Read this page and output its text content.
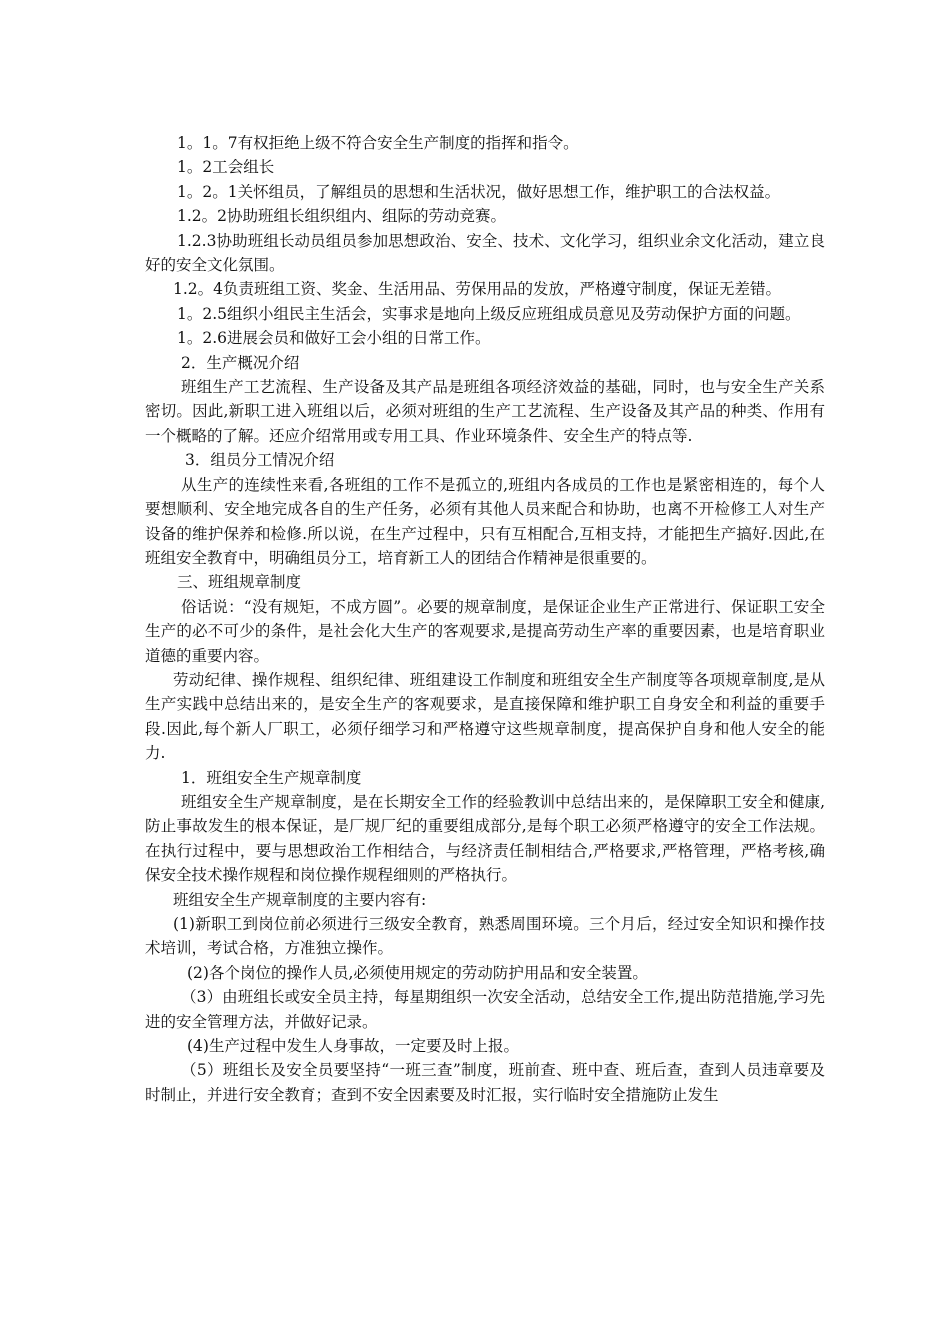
1。1。7有权拒绝上级不符合安全生产制度的指挥和指令。

1。2工会组长

1。2。1关怀组员，了解组员的思想和生活状况，做好思想工作，维护职工的合法权益。

1.2。2协助班组长组织组内、组际的劳动竞赛。

1.2.3协助班组长动员组员参加思想政治、安全、技术、文化学习，组织业余文化活动，建立良好的安全文化氛围。

1.2。4负责班组工资、奖金、生活用品、劳保用品的发放，严格遵守制度，保证无差错。

1。2.5组织小组民主生活会，实事求是地向上级反应班组成员意见及劳动保护方面的问题。

1。2.6进展会员和做好工会小组的日常工作。

2．生产概况介绍

班组生产工艺流程、生产设备及其产品是班组各项经济效益的基础，同时，也与安全生产关系密切。因此,新职工进入班组以后，必须对班组的生产工艺流程、生产设备及其产品的种类、作用有一个概略的了解。还应介绍常用或专用工具、作业环境条件、安全生产的特点等.

3．组员分工情况介绍

从生产的连续性来看,各班组的工作不是孤立的,班组内各成员的工作也是紧密相连的，每个人要想顺利、安全地完成各自的生产任务，必须有其他人员来配合和协助，也离不开检修工人对生产设备的维护保养和检修.所以说，在生产过程中，只有互相配合,互相支持，才能把生产搞好.因此,在班组安全教育中，明确组员分工，培育新工人的团结合作精神是很重要的。

三、班组规章制度

俗话说：“没有规矩，不成方圆”。必要的规章制度，是保证企业生产正常进行、保证职工安全生产的必不可少的条件，是社会化大生产的客观要求,是提高劳动生产率的重要因素，也是培育职业道德的重要内容。

劳动纪律、操作规程、组织纪律、班组建设工作制度和班组安全生产制度等各项规章制度,是从生产实践中总结出来的，是安全生产的客观要求，是直接保障和维护职工自身安全和利益的重要手段.因此,每个新人厂职工，必须仔细学习和严格遵守这些规章制度，提高保护自身和他人安全的能力.

1．班组安全生产规章制度

班组安全生产规章制度，是在长期安全工作的经验教训中总结出来的，是保障职工安全和健康,防止事故发生的根本保证，是厂规厂纪的重要组成部分,是每个职工必须严格遵守的安全工作法规。在执行过程中，要与思想政治工作相结合，与经济责任制相结合,严格要求,严格管理，严格考核,确保安全技术操作规程和岗位操作规程细则的严格执行。

班组安全生产规章制度的主要内容有:

(1)新职工到岗位前必须进行三级安全教育，熟悉周围环境。三个月后，经过安全知识和操作技术培训，考试合格，方准独立操作。

(2)各个岗位的操作人员,必须使用规定的劳动防护用品和安全装置。

（3）由班组长或安全员主持，每星期组织一次安全活动，总结安全工作,提出防范措施,学习先进的安全管理方法，并做好记录。

(4)生产过程中发生人身事故，一定要及时上报。

（5）班组长及安全员要坚持“一班三查”制度，班前查、班中查、班后查，查到人员违章要及时制止，并进行安全教育；查到不安全因素要及时汇报，实行临时安全措施防止发生
